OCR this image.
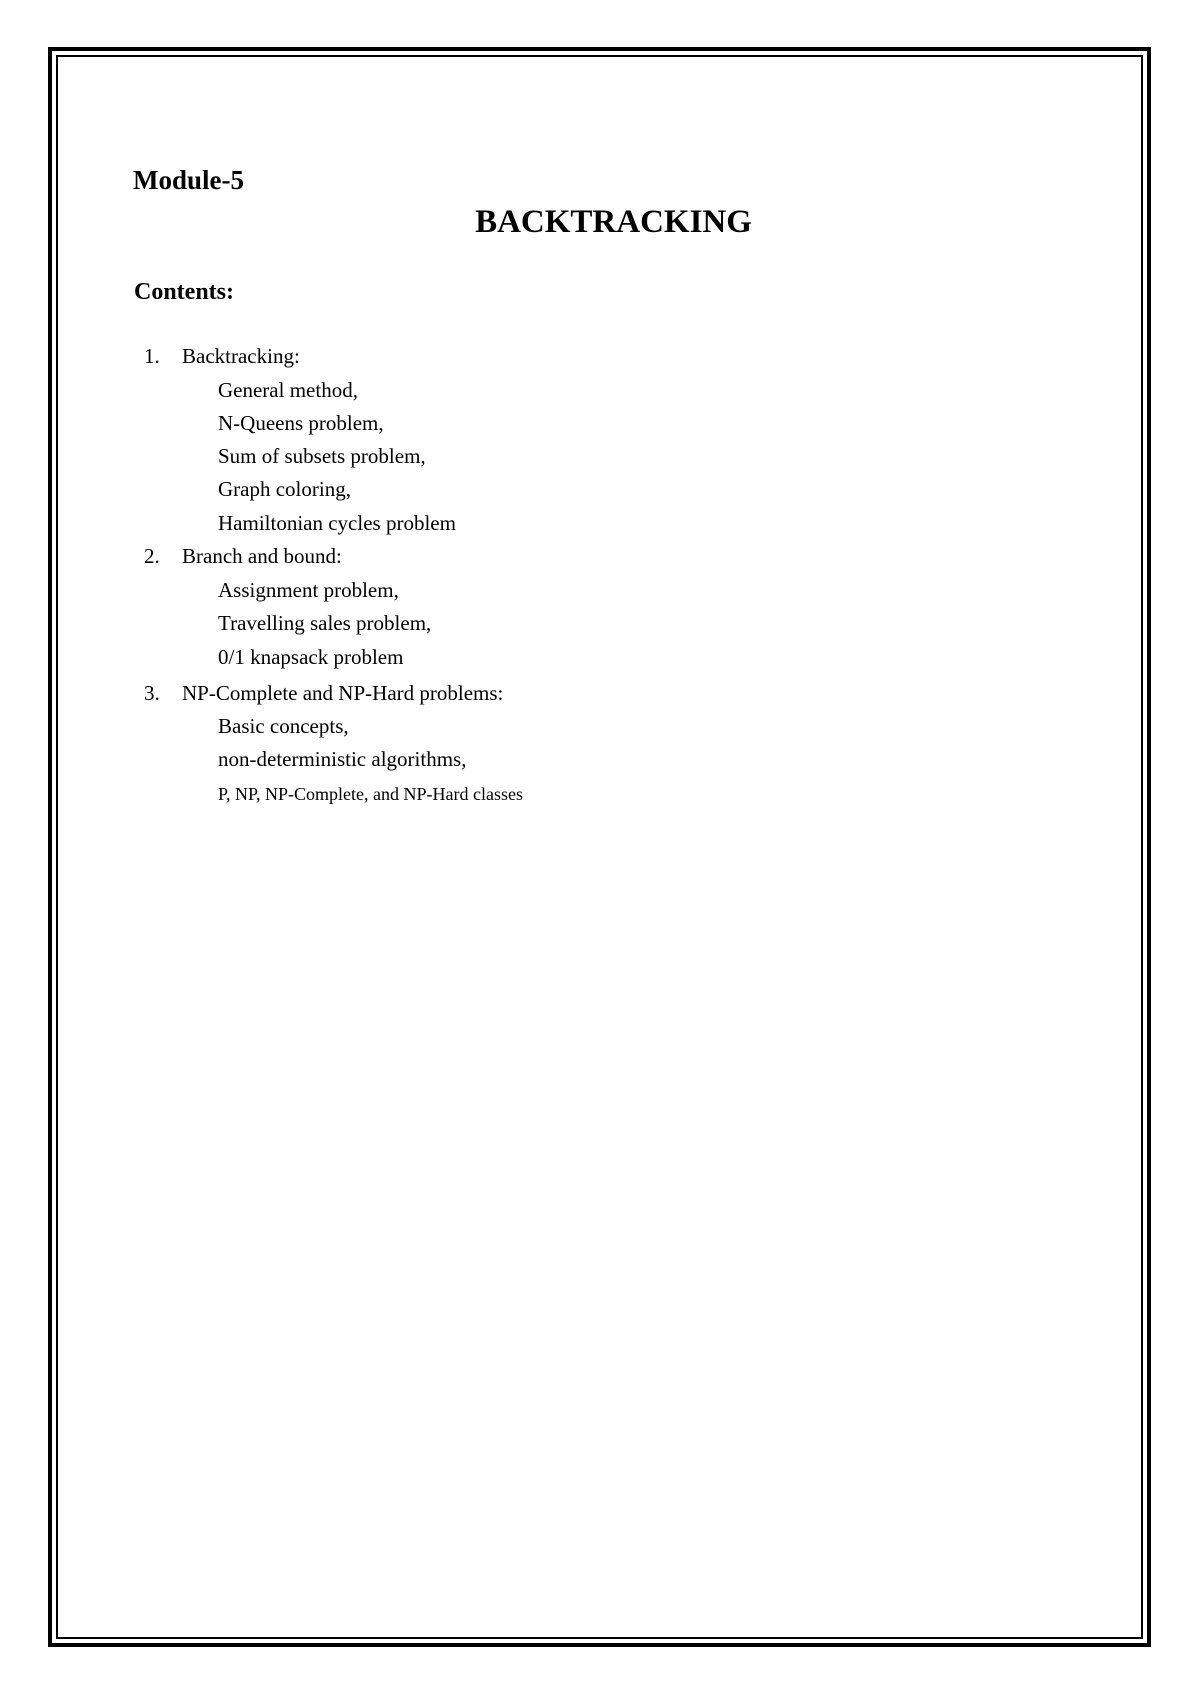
Module-5
BACKTRACKING
Contents:
1. Backtracking:
General method,
N-Queens problem,
Sum of subsets problem,
Graph coloring,
Hamiltonian cycles problem
2. Branch and bound:
Assignment problem,
Travelling sales problem,
0/1 knapsack problem
3. NP-Complete and NP-Hard problems:
Basic concepts,
non-deterministic algorithms,
P, NP, NP-Complete, and NP-Hard classes
